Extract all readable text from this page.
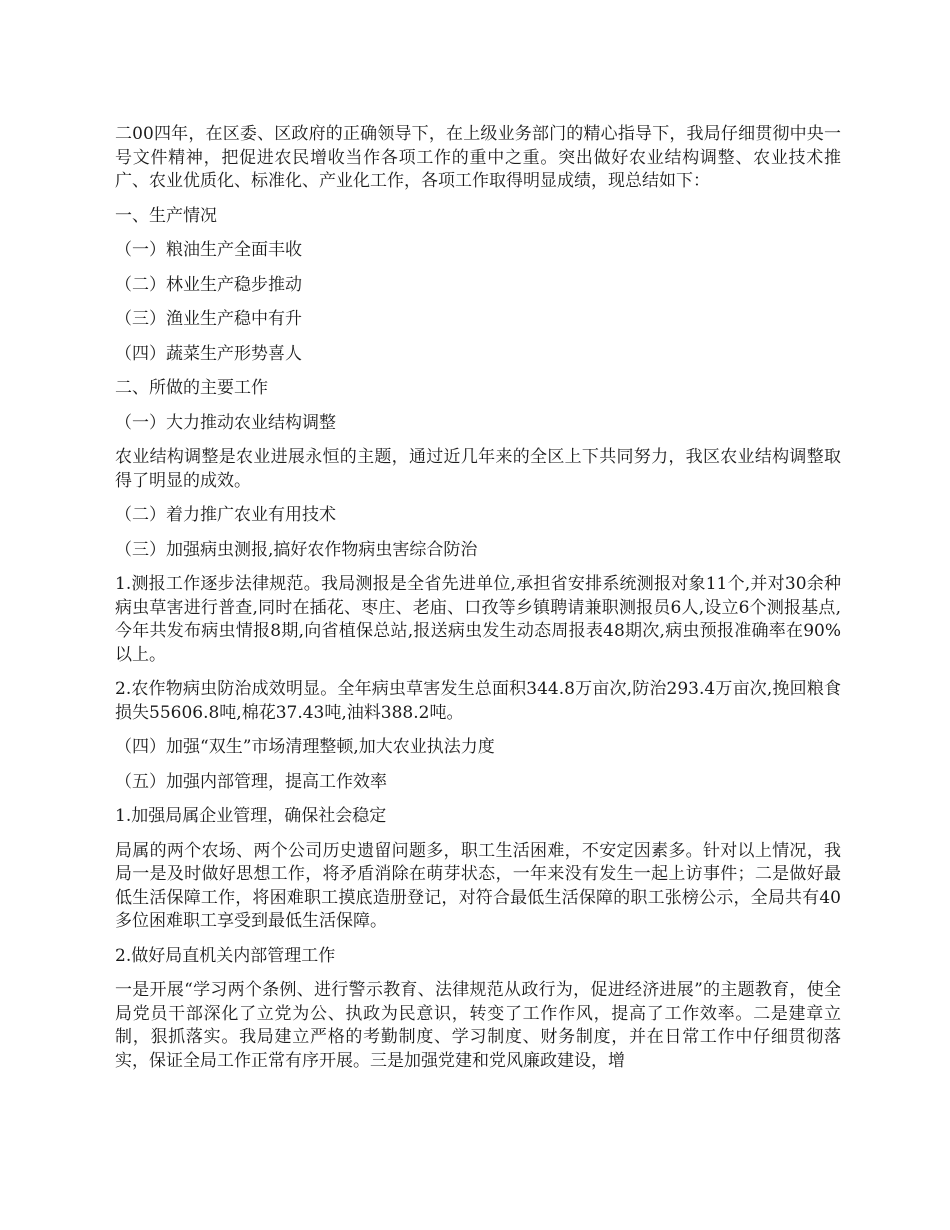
二00四年，在区委、区政府的正确领导下，在上级业务部门的精心指导下，我局仔细贯彻中央一号文件精神，把促进农民增收当作各项工作的重中之重。突出做好农业结构调整、农业技术推广、农业优质化、标准化、产业化工作，各项工作取得明显成绩，现总结如下：

一、生产情况

（一）粮油生产全面丰收

（二）林业生产稳步推动

（三）渔业生产稳中有升

（四）蔬菜生产形势喜人

二、所做的主要工作

（一）大力推动农业结构调整

农业结构调整是农业进展永恒的主题，通过近几年来的全区上下共同努力，我区农业结构调整取得了明显的成效。

（二）着力推广农业有用技术

（三）加强病虫测报,搞好农作物病虫害综合防治

1.测报工作逐步法律规范。我局测报是全省先进单位,承担省安排系统测报对象11个,并对30余种病虫草害进行普查,同时在插花、枣庄、老庙、口孜等乡镇聘请兼职测报员6人,设立6个测报基点,今年共发布病虫情报8期,向省植保总站,报送病虫发生动态周报表48期次,病虫预报准确率在90%以上。

2.农作物病虫防治成效明显。全年病虫草害发生总面积344.8万亩次,防治293.4万亩次,挽回粮食损失55606.8吨,棉花37.43吨,油料388.2吨。

（四）加强“双生”市场清理整顿,加大农业执法力度

（五）加强内部管理，提高工作效率

1.加强局属企业管理，确保社会稳定

局属的两个农场、两个公司历史遗留问题多，职工生活困难，不安定因素多。针对以上情况，我局一是及时做好思想工作，将矛盾消除在萌芽状态，一年来没有发生一起上访事件；二是做好最低生活保障工作，将困难职工摸底造册登记，对符合最低生活保障的职工张榜公示，全局共有40多位困难职工享受到最低生活保障。

2.做好局直机关内部管理工作

一是开展“学习两个条例、进行警示教育、法律规范从政行为，促进经济进展”的主题教育，使全局党员干部深化了立党为公、执政为民意识，转变了工作作风，提高了工作效率。二是建章立制，狠抓落实。我局建立严格的考勤制度、学习制度、财务制度，并在日常工作中仔细贯彻落实，保证全局工作正常有序开展。三是加强党建和党风廉政建设，增
